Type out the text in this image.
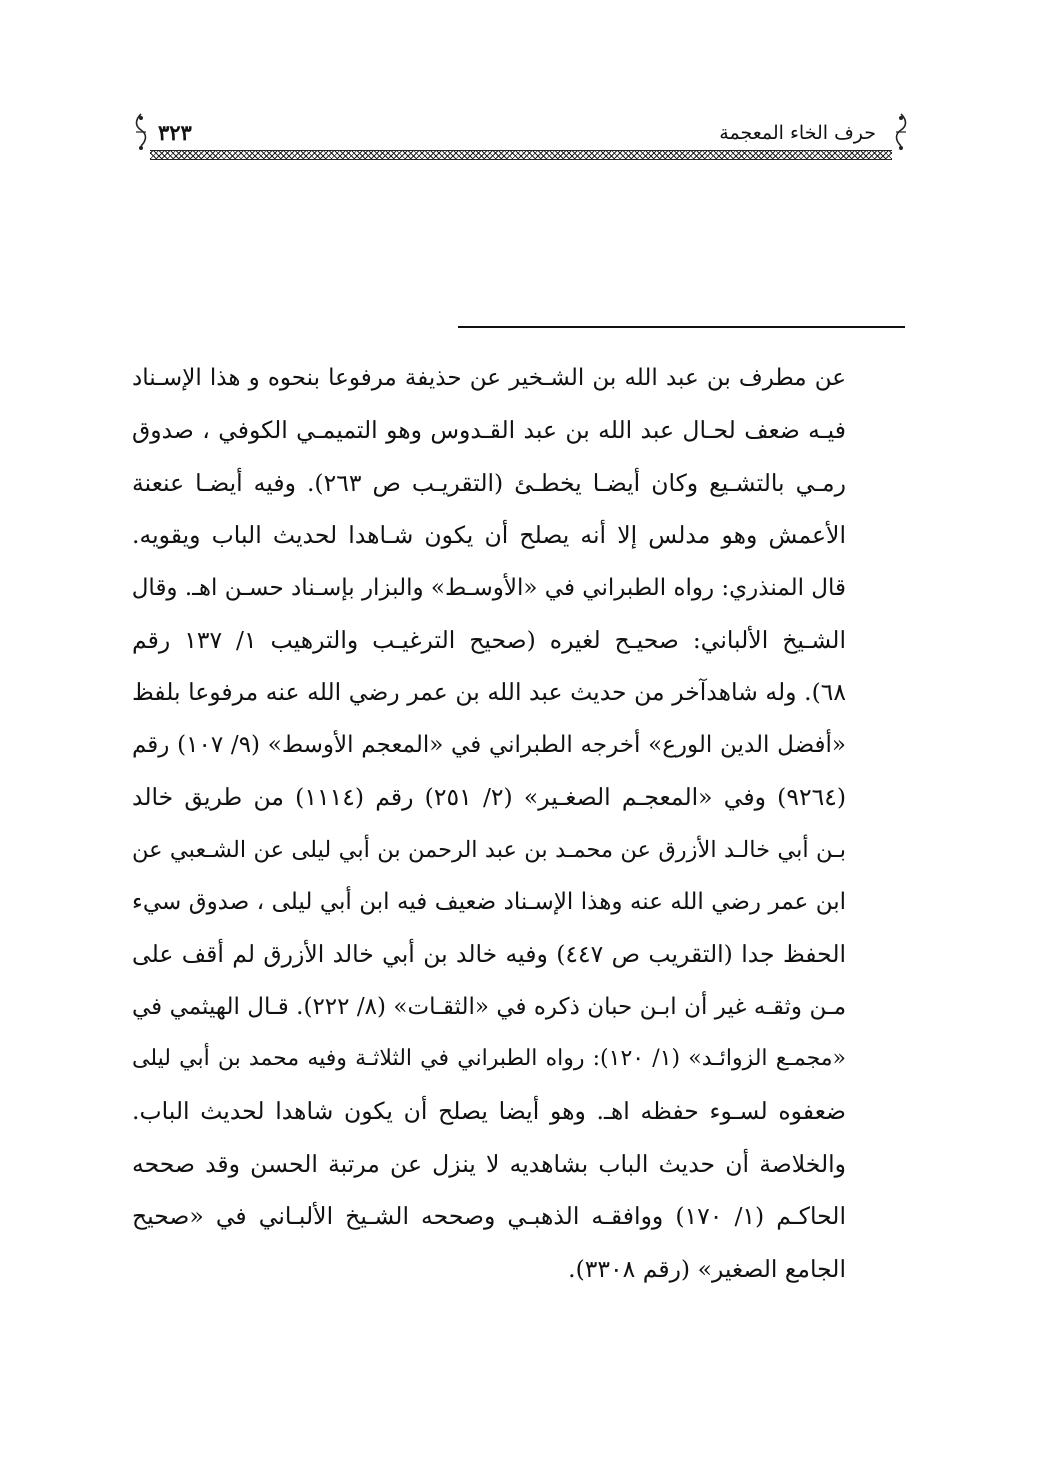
٣٢٣	حرف الخاء المعجمة
عن مطرف بن عبد الله بن الشـخير عن حذيفة مرفوعا بنحوه و هذا الإسـناد
فيـه ضعف لحـال عبد الله بن عبد القـدوس وهو التميمـي الكوفي ، صدوق
رمـي بالتشـيع وكان أيضـا يخطـئ (التقريـب ص ٢٦٣). وفيه أيضـا عنعنة
الأعمش وهو مدلس إلا أنه يصلح أن يكون شـاهدا لحديث الباب ويقويه.
قال المنذري: رواه الطبراني في «الأوسـط» والبزار بإسـناد حسـن اهـ. وقال
الشـيخ الألباني: صحيـح لغيره (صحيح الترغيـب والترهيب ١/ ١٣٧ رقم
٦٨). وله شاهدآخر من حديث عبد الله بن عمر رضي الله عنه مرفوعا بلفظ
«أفضل الدين الورع» أخرجه الطبراني في «المعجم الأوسط» (٩/ ١٠٧) رقم
(٩٢٦٤) وفي «المعجـم الصغـير» (٢/ ٢٥١) رقم (١١١٤) من طريق خالد
بـن أبي خالـد الأزرق عن محمـد بن عبد الرحمن بن أبي ليلى عن الشـعبي عن
ابن عمر رضي الله عنه وهذا الإسـناد ضعيف فيه ابن أبي ليلى ، صدوق سيء
الحفظ جدا (التقريب ص ٤٤٧) وفيه خالد بن أبي خالد الأزرق لم أقف على
مـن وثقـه غير أن ابـن حبان ذكره في «الثقـات» (٨/ ٢٢٢). قـال الهيثمي في
«مجمـع الزوائـد» (١/ ١٢٠): رواه الطبراني في الثلاثـة وفيه محمد بن أبي ليلى
ضعفوه لسـوء حفظه اهـ. وهو أيضا يصلح أن يكون شاهدا لحديث الباب.
والخلاصة أن حديث الباب بشاهديه لا ينزل عن مرتبة الحسن وقد صححه
الحاكـم (١/ ١٧٠) ووافقـه الذهبـي وصححه الشـيخ الألبـاني في «صحيح
الجامع الصغير» (رقم ٣٣٠٨).
